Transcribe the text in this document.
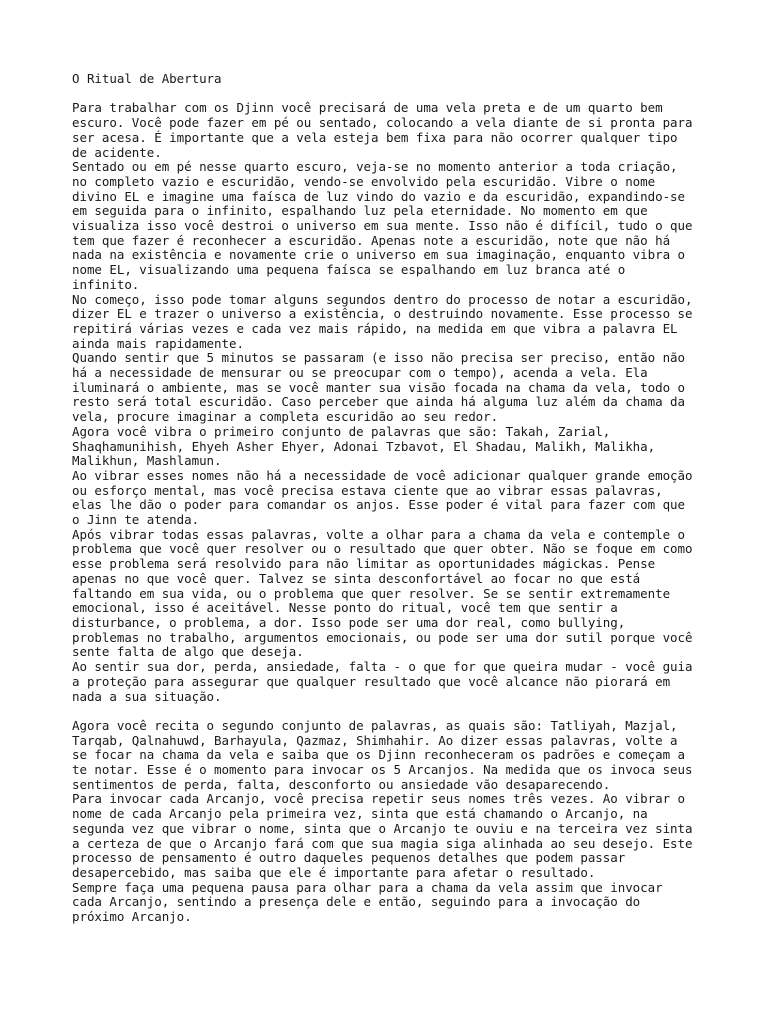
O Ritual de Abertura

Para trabalhar com os Djinn você precisará de uma vela preta e de um quarto bem
escuro. Você pode fazer em pé ou sentado, colocando a vela diante de si pronta para
ser acesa. É importante que a vela esteja bem fixa para não ocorrer qualquer tipo
de acidente.

Sentado ou em pé nesse quarto escuro, veja-se no momento anterior a toda criação,
no completo vazio e escuridão, vendo-se envolvido pela escuridão. Vibre o nome
divino EL e imagine uma faísca de luz vindo do vazio e da escuridão, expandindo-se
em seguida para o infinito, espalhando luz pela eternidade. No momento em que
visualiza isso você destroi o universo em sua mente. Isso não é difícil, tudo o que
tem que fazer é reconhecer a escuridão. Apenas note a escuridão, note que não há
nada na existência e novamente crie o universo em sua imaginação, enquanto vibra o
nome EL, visualizando uma pequena faísca se espalhando em luz branca até o
infinito.

No começo, isso pode tomar alguns segundos dentro do processo de notar a escuridão,
dizer EL e trazer o universo a existência, o destruindo novamente. Esse processo se
repitirá várias vezes e cada vez mais rápido, na medida em que vibra a palavra EL
ainda mais rapidamente.

Quando sentir que 5 minutos se passaram (e isso não precisa ser preciso, então não
há a necessidade de mensurar ou se preocupar com o tempo), acenda a vela. Ela
iluminará o ambiente, mas se você manter sua visão focada na chama da vela, todo o
resto será total escuridão. Caso perceber que ainda há alguma luz além da chama da
vela, procure imaginar a completa escuridão ao seu redor.

Agora você vibra o primeiro conjunto de palavras que são: Takah, Zarial,
Shaqhamunihish, Ehyeh Asher Ehyer, Adonai Tzbavot, El Shadau, Malikh, Malikha,
Malikhun, Mashlamun.

Ao vibrar esses nomes não há a necessidade de você adicionar qualquer grande emoção
ou esforço mental, mas você precisa estava ciente que ao vibrar essas palavras,
elas lhe dão o poder para comandar os anjos. Esse poder é vital para fazer com que
o Jinn te atenda.

Após vibrar todas essas palavras, volte a olhar para a chama da vela e contemple o
problema que você quer resolver ou o resultado que quer obter. Não se foque em como
esse problema será resolvido para não limitar as oportunidades mágickas. Pense
apenas no que você quer. Talvez se sinta desconfortável ao focar no que está
faltando em sua vida, ou o problema que quer resolver. Se se sentir extremamente
emocional, isso é aceitável. Nesse ponto do ritual, você tem que sentir a
disturbance, o problema, a dor. Isso pode ser uma dor real, como bullying,
problemas no trabalho, argumentos emocionais, ou pode ser uma dor sutil porque você
sente falta de algo que deseja.

Ao sentir sua dor, perda, ansiedade, falta - o que for que queira mudar - você guia
a proteção para assegurar que qualquer resultado que você alcance não piorará em
nada a sua situação.

Agora você recita o segundo conjunto de palavras, as quais são: Tatliyah, Mazjal,
Tarqab, Qalnahuwd, Barhayula, Qazmaz, Shimhahir. Ao dizer essas palavras, volte a
se focar na chama da vela e saiba que os Djinn reconheceram os padrões e começam a
te notar. Esse é o momento para invocar os 5 Arcanjos. Na medida que os invoca seus
sentimentos de perda, falta, desconforto ou ansiedade vão desaparecendo.

Para invocar cada Arcanjo, você precisa repetir seus nomes três vezes. Ao vibrar o
nome de cada Arcanjo pela primeira vez, sinta que está chamando o Arcanjo, na
segunda vez que vibrar o nome, sinta que o Arcanjo te ouviu e na terceira vez sinta
a certeza de que o Arcanjo fará com que sua magia siga alinhada ao seu desejo. Este
processo de pensamento é outro daqueles pequenos detalhes que podem passar
desapercebido, mas saiba que ele é importante para afetar o resultado.

Sempre faça uma pequena pausa para olhar para a chama da vela assim que invocar
cada Arcanjo, sentindo a presença dele e então, seguindo para a invocação do
próximo Arcanjo.
